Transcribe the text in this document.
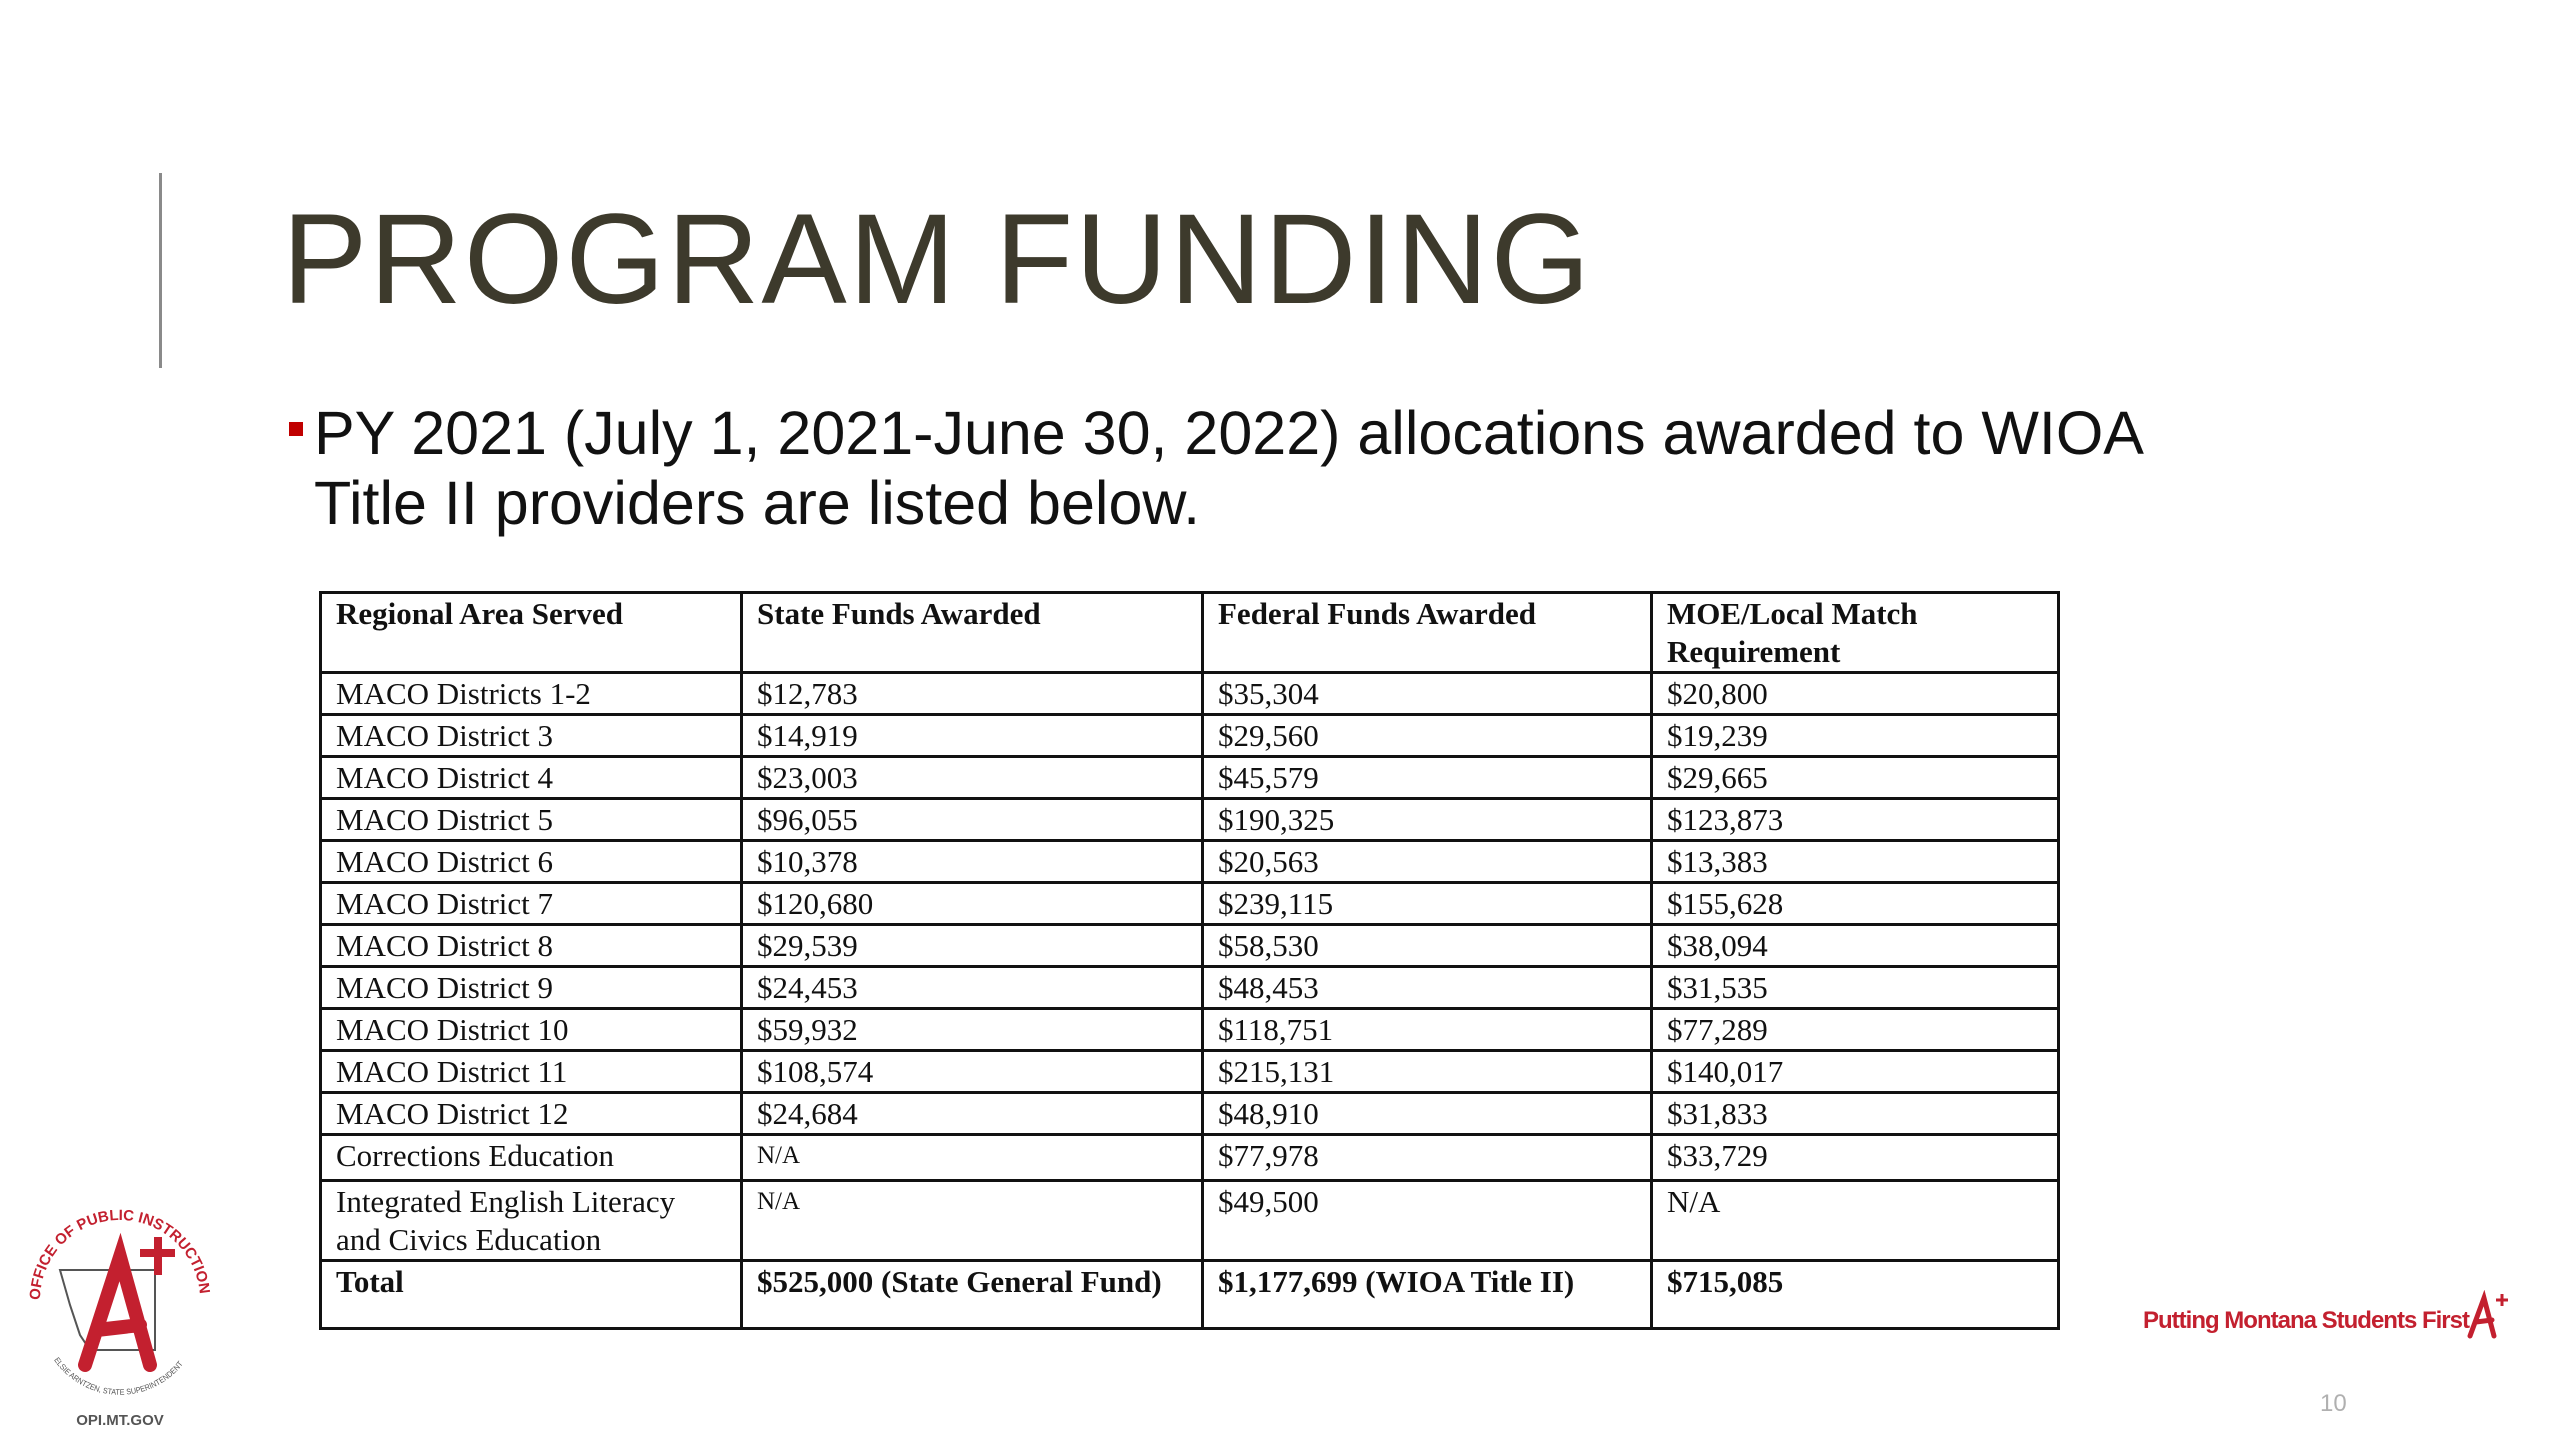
PROGRAM FUNDING
PY 2021 (July 1, 2021-June 30, 2022) allocations awarded to WIOA Title II providers are listed below.
Regional Area Served	State Funds Awarded	Federal Funds Awarded	MOE/Local Match Requirement
MACO Districts 1-2	$12,783	$35,304	$20,800
MACO District 3	$14,919	$29,560	$19,239
MACO District 4	$23,003	$45,579	$29,665
MACO District 5	$96,055	$190,325	$123,873
MACO District 6	$10,378	$20,563	$13,383
MACO District 7	$120,680	$239,115	$155,628
MACO District 8	$29,539	$58,530	$38,094
MACO District 9	$24,453	$48,453	$31,535
MACO District 10	$59,932	$118,751	$77,289
MACO District 11	$108,574	$215,131	$140,017
MACO District 12	$24,684	$48,910	$31,833
Corrections Education	N/A	$77,978	$33,729
Integrated English Literacy and Civics Education	N/A	$49,500	N/A
Total	$525,000 (State General Fund)	$1,177,699 (WIOA Title II)	$715,085
OFFICE OF PUBLIC INSTRUCTION
ELSIE ARNTZEN, STATE SUPERINTENDENT
OPI.MT.GOV
Putting Montana Students First
10
